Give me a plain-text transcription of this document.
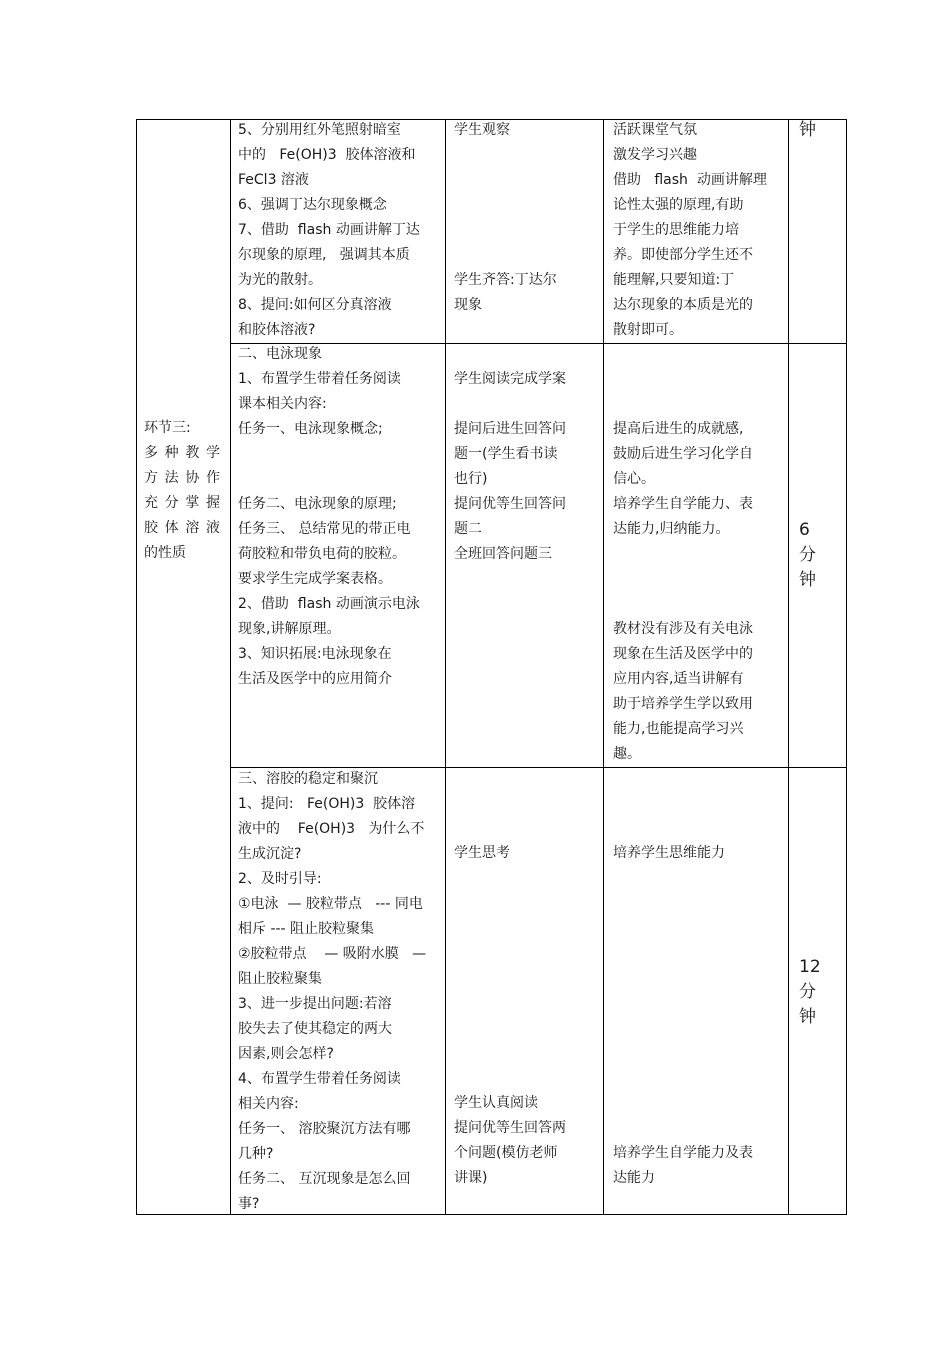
环节三:

多 种 教 学
方 法 协 作
充 分 掌 握
胶 体 溶 液

的性质

5、分别用红外笔照射暗室

中的   Fe(OH)3  胶体溶液和

FeCl3 溶液

6、强调丁达尔现象概念

7、借助  flash 动画讲解丁达

尔现象的原理,   强调其本质

为光的散射。

8、提问:如何区分真溶液

和胶体溶液?

学生观察

学生齐答:丁达尔

现象

活跃课堂气氛

激发学习兴趣

借助   flash  动画讲解理

论性太强的原理,有助

于学生的思维能力培

养。即使部分学生还不

能理解,只要知道:丁

达尔现象的本质是光的

散射即可。

钟

二、电泳现象

1、布置学生带着任务阅读

课本相关内容:

任务一、电泳现象概念;

任务二、电泳现象的原理;

任务三、 总结常见的带正电

荷胶粒和带负电荷的胶粒。

要求学生完成学案表格。

2、借助  flash 动画演示电泳

现象,讲解原理。

3、知识拓展:电泳现象在

生活及医学中的应用简介

学生阅读完成学案

提问后进生回答问

题一(学生看书读

也行)

提问优等生回答问

题二

全班回答问题三

提高后进生的成就感,

鼓励后进生学习化学自

信心。

培养学生自学能力、表

达能力,归纳能力。

教材没有涉及有关电泳

现象在生活及医学中的

应用内容,适当讲解有

助于培养学生学以致用

能力,也能提高学习兴

趣。

6

分

钟

三、溶胶的稳定和聚沉

1、提问:   Fe(OH)3  胶体溶

液中的    Fe(OH)3   为什么不

生成沉淀?

2、及时引导:

①电泳  — 胶粒带点   --- 同电

相斥 --- 阻止胶粒聚集

②胶粒带点    — 吸附水膜   —

阻止胶粒聚集

3、进一步提出问题:若溶

胶失去了使其稳定的两大

因素,则会怎样?

4、布置学生带着任务阅读

相关内容:

任务一、 溶胶聚沉方法有哪

几种?

任务二、 互沉现象是怎么回

事?

学生思考

学生认真阅读

提问优等生回答两

个问题(模仿老师

讲课)

培养学生思维能力

培养学生自学能力及表

达能力

12

分

钟
